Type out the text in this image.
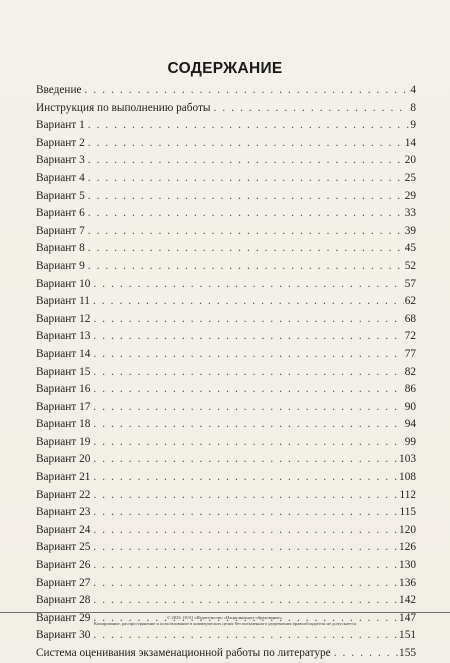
СОДЕРЖАНИЕ
Введение . . .	4
Инструкция по выполнению работы . . .	8
Вариант 1 . . .	9
Вариант 2 . . .	14
Вариант 3 . . .	20
Вариант 4 . . .	25
Вариант 5 . . .	29
Вариант 6 . . .	33
Вариант 7 . . .	39
Вариант 8 . . .	45
Вариант 9 . . .	52
Вариант 10 . . .	57
Вариант 11 . . .	62
Вариант 12 . . .	68
Вариант 13 . . .	72
Вариант 14 . . .	77
Вариант 15 . . .	82
Вариант 16 . . .	86
Вариант 17 . . .	90
Вариант 18 . . .	94
Вариант 19 . . .	99
Вариант 20 . . .	103
Вариант 21 . . .	108
Вариант 22 . . .	112
Вариант 23 . . .	115
Вариант 24 . . .	120
Вариант 25 . . .	126
Вариант 26 . . .	130
Вариант 27 . . .	136
Вариант 28 . . .	142
Вариант 29 . . .	147
Вариант 30 . . .	151
Система оценивания экзаменационной работы по литературе . . .	155
© 2023. ООО «Издательство «Национальное образование».
Копирование, распространение и использование в коммерческих целях без письменного разрешения правообладателя не допускается
